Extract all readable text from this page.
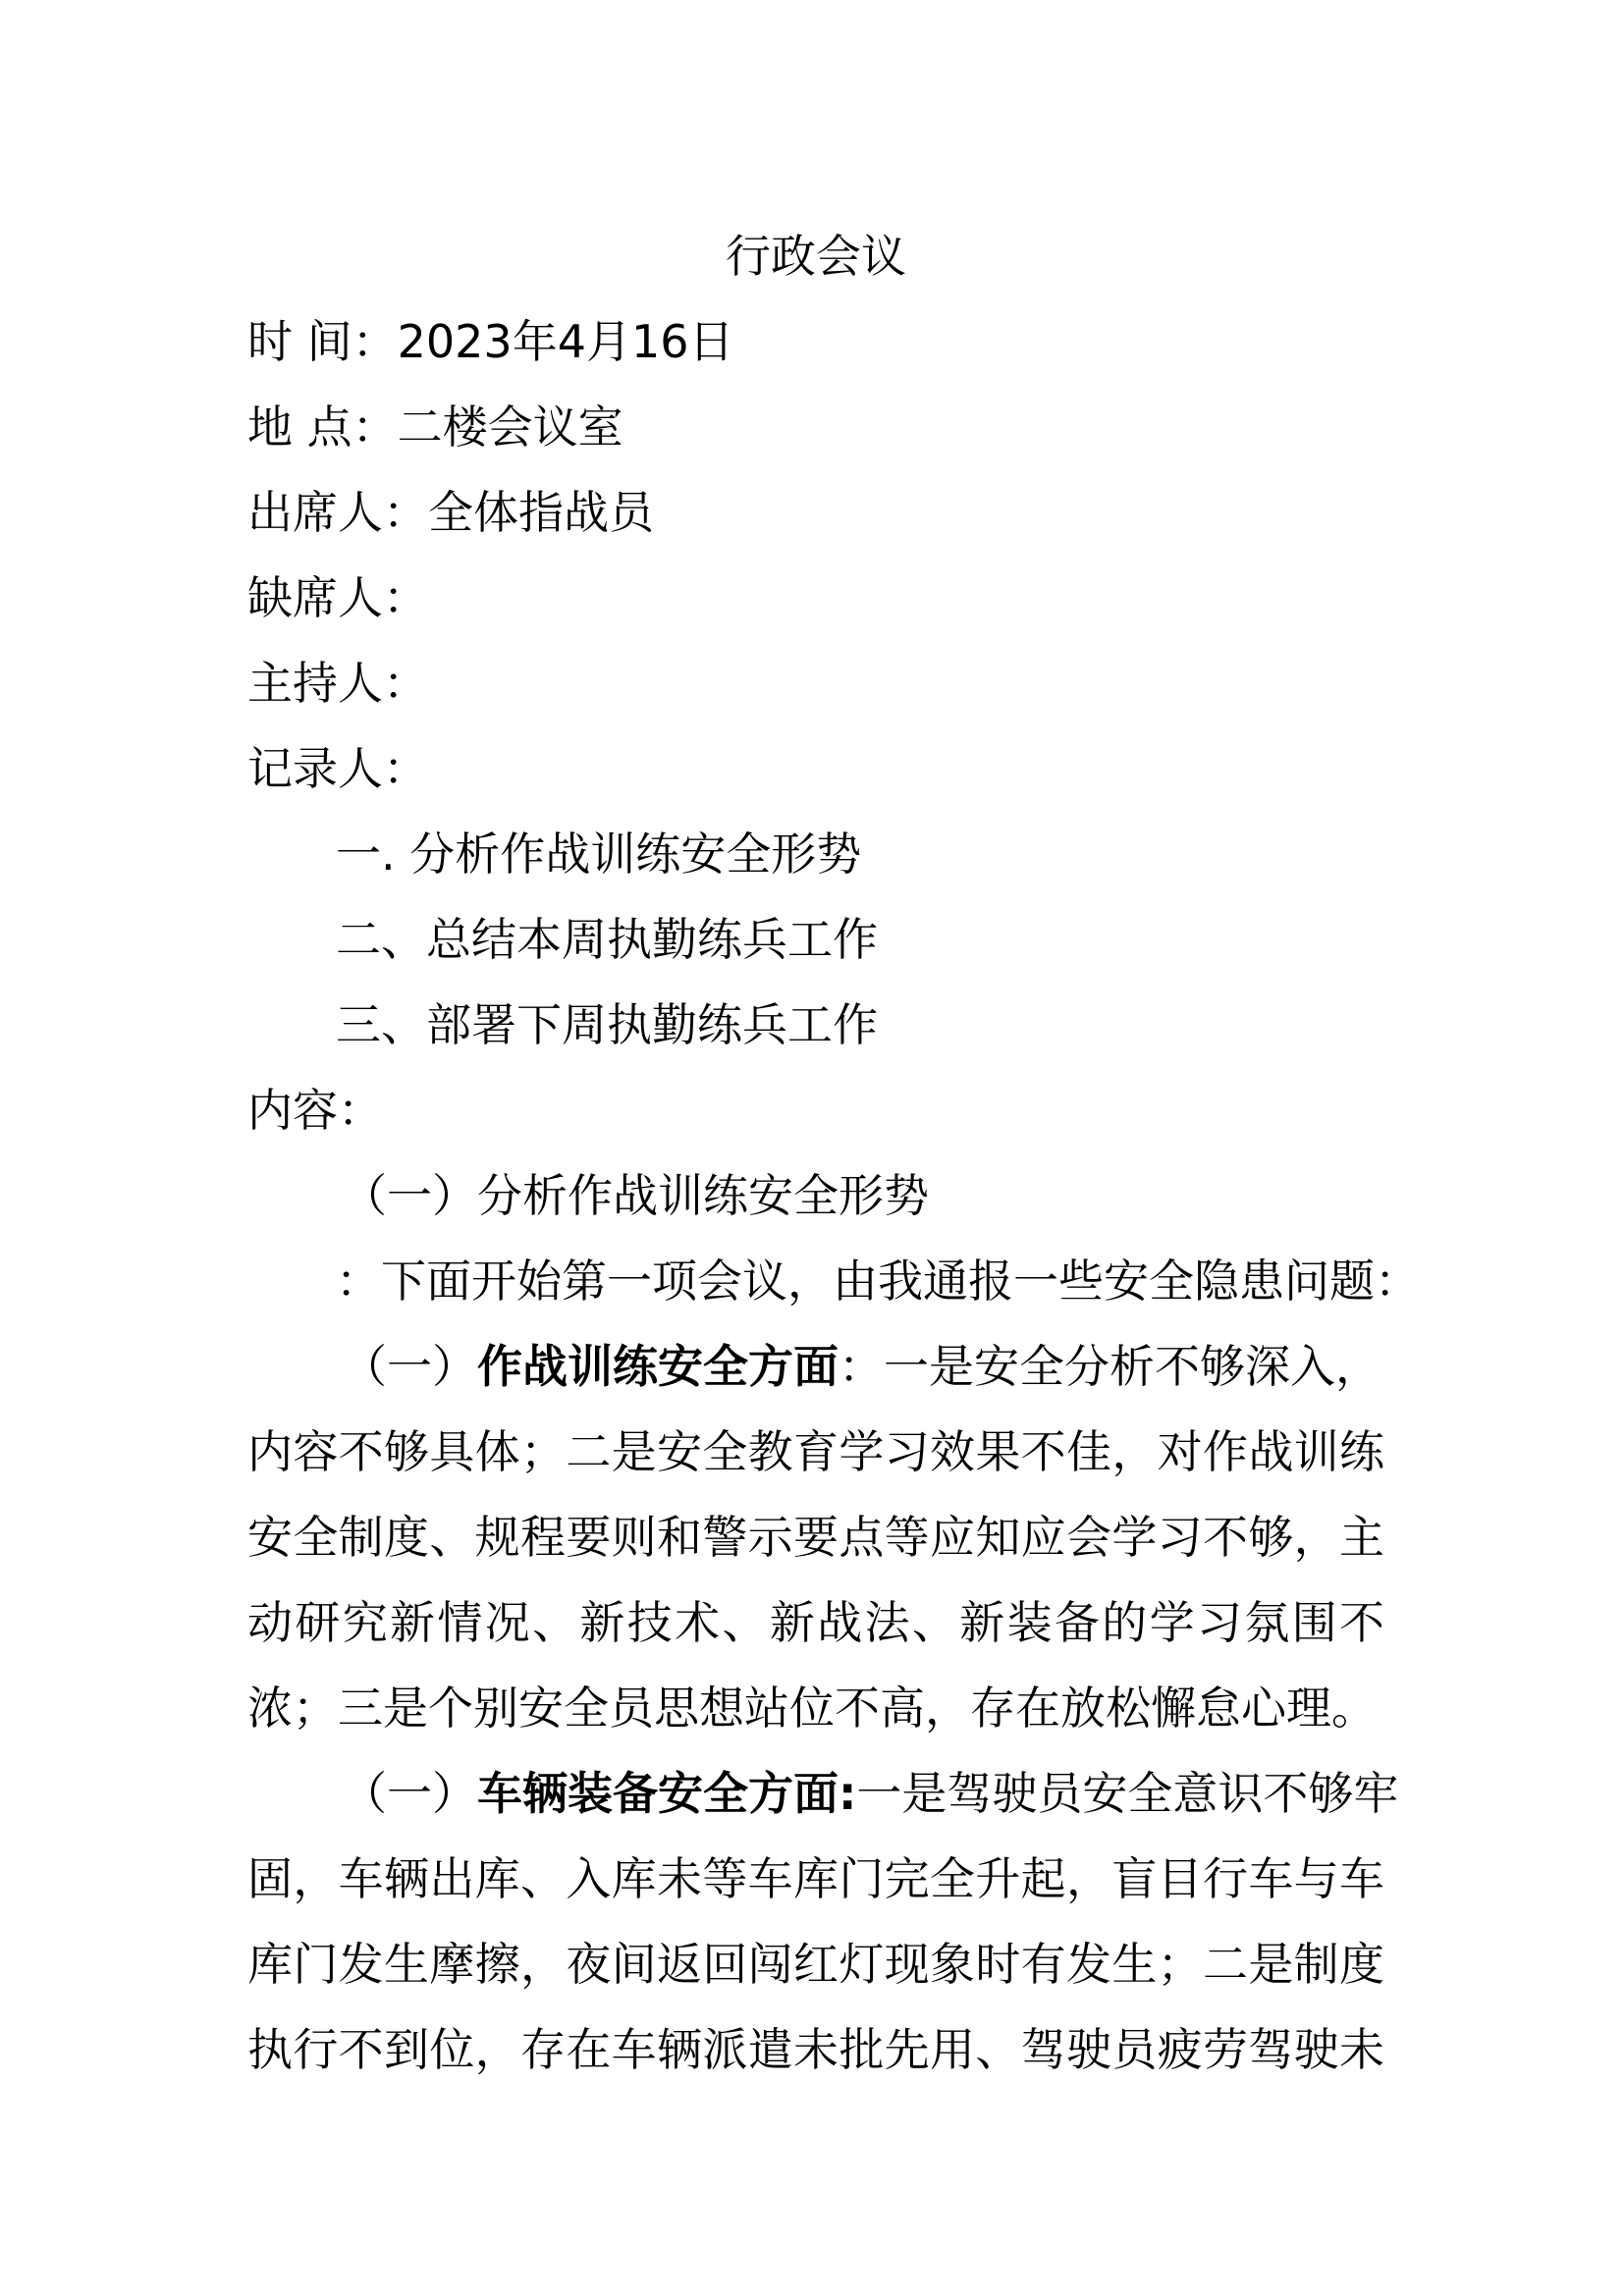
行政会议
时 间：2023年4月16日
地 点：二楼会议室
出席人：全体指战员
缺席人：
主持人：
记录人：
一. 分析作战训练安全形势
二、总结本周执勤练兵工作
三、部署下周执勤练兵工作
内容：
（一）分析作战训练安全形势
：下面开始第一项会议，由我通报一些安全隐患问题：
（一）作战训练安全方面：一是安全分析不够深入，
内容不够具体；二是安全教育学习效果不佳，对作战训练
安全制度、规程要则和警示要点等应知应会学习不够，主
动研究新情况、新技术、新战法、新装备的学习氛围不
浓；三是个别安全员思想站位不高，存在放松懈怠心理。
（一）车辆装备安全方面:一是驾驶员安全意识不够牢
固，车辆出库、入库未等车库门完全升起，盲目行车与车
库门发生摩擦，夜间返回闯红灯现象时有发生；二是制度
执行不到位，存在车辆派遣未批先用、驾驶员疲劳驾驶未
